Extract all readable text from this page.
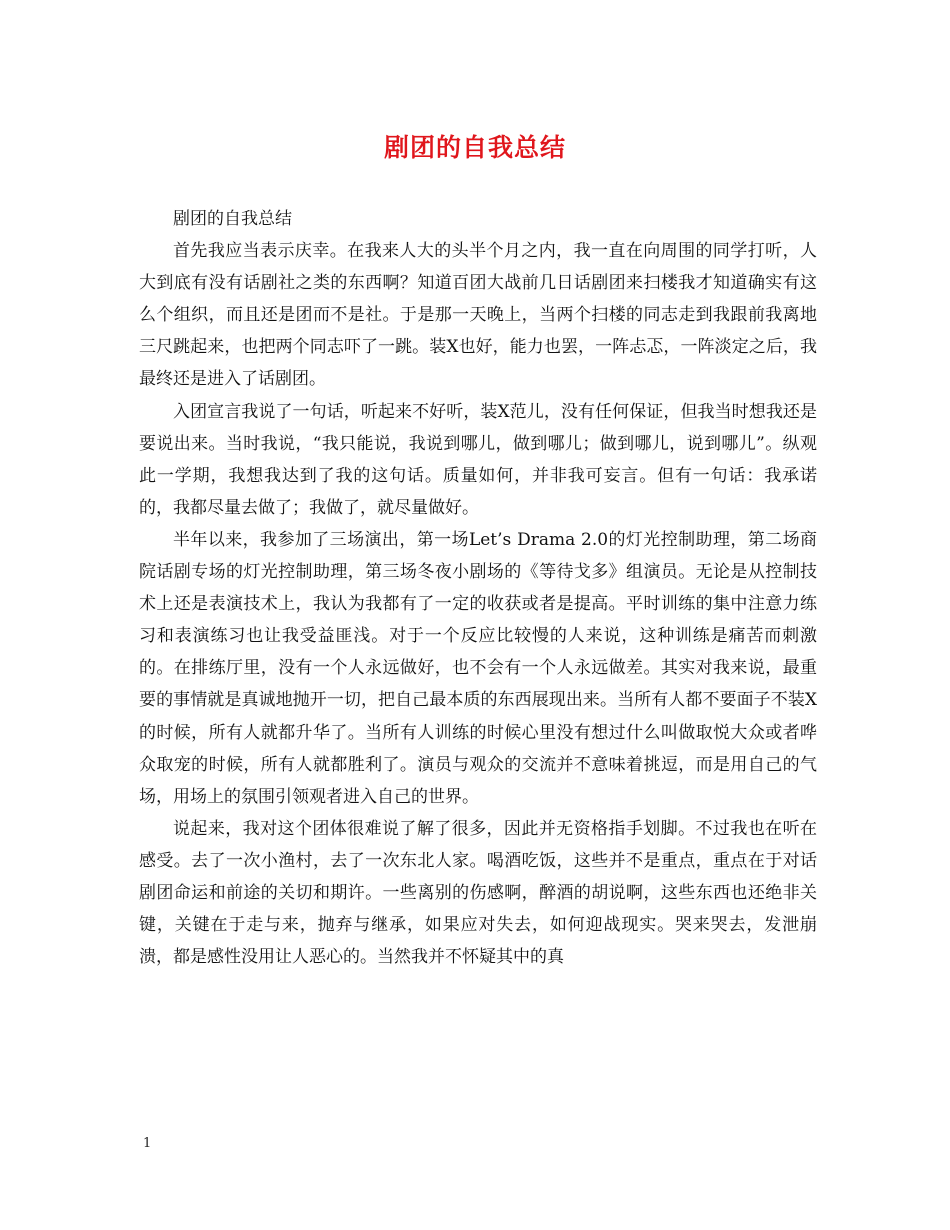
剧团的自我总结

剧团的自我总结

首先我应当表示庆幸。在我来人大的头半个月之内，我一直在向周围的同学打听，人大到底有没有话剧社之类的东西啊？知道百团大战前几日话剧团来扫楼我才知道确实有这么个组织，而且还是团而不是社。于是那一天晚上，当两个扫楼的同志走到我跟前我离地三尺跳起来，也把两个同志吓了一跳。装X也好，能力也罢，一阵忐忑，一阵淡定之后，我最终还是进入了话剧团。

入团宣言我说了一句话，听起来不好听，装X范儿，没有任何保证，但我当时想我还是要说出来。当时我说，“我只能说，我说到哪儿，做到哪儿；做到哪儿，说到哪儿”。纵观此一学期，我想我达到了我的这句话。质量如何，并非我可妄言。但有一句话：我承诺的，我都尽量去做了；我做了，就尽量做好。

半年以来，我参加了三场演出，第一场Let’s Drama 2.0的灯光控制助理，第二场商院话剧专场的灯光控制助理，第三场冬夜小剧场的《等待戈多》组演员。无论是从控制技术上还是表演技术上，我认为我都有了一定的收获或者是提高。平时训练的集中注意力练习和表演练习也让我受益匪浅。对于一个反应比较慢的人来说，这种训练是痛苦而刺激的。在排练厅里，没有一个人永远做好，也不会有一个人永远做差。其实对我来说，最重要的事情就是真诚地抛开一切，把自己最本质的东西展现出来。当所有人都不要面子不装X的时候，所有人就都升华了。当所有人训练的时候心里没有想过什么叫做取悦大众或者哗众取宠的时候，所有人就都胜利了。演员与观众的交流并不意味着挑逗，而是用自己的气场，用场上的氛围引领观者进入自己的世界。

说起来，我对这个团体很难说了解了很多，因此并无资格指手划脚。不过我也在听在感受。去了一次小渔村，去了一次东北人家。喝酒吃饭，这些并不是重点，重点在于对话剧团命运和前途的关切和期许。一些离别的伤感啊，醉酒的胡说啊，这些东西也还绝非关键，关键在于走与来，抛弃与继承，如果应对失去，如何迎战现实。哭来哭去，发泄崩溃，都是感性没用让人恶心的。当然我并不怀疑其中的真

1
